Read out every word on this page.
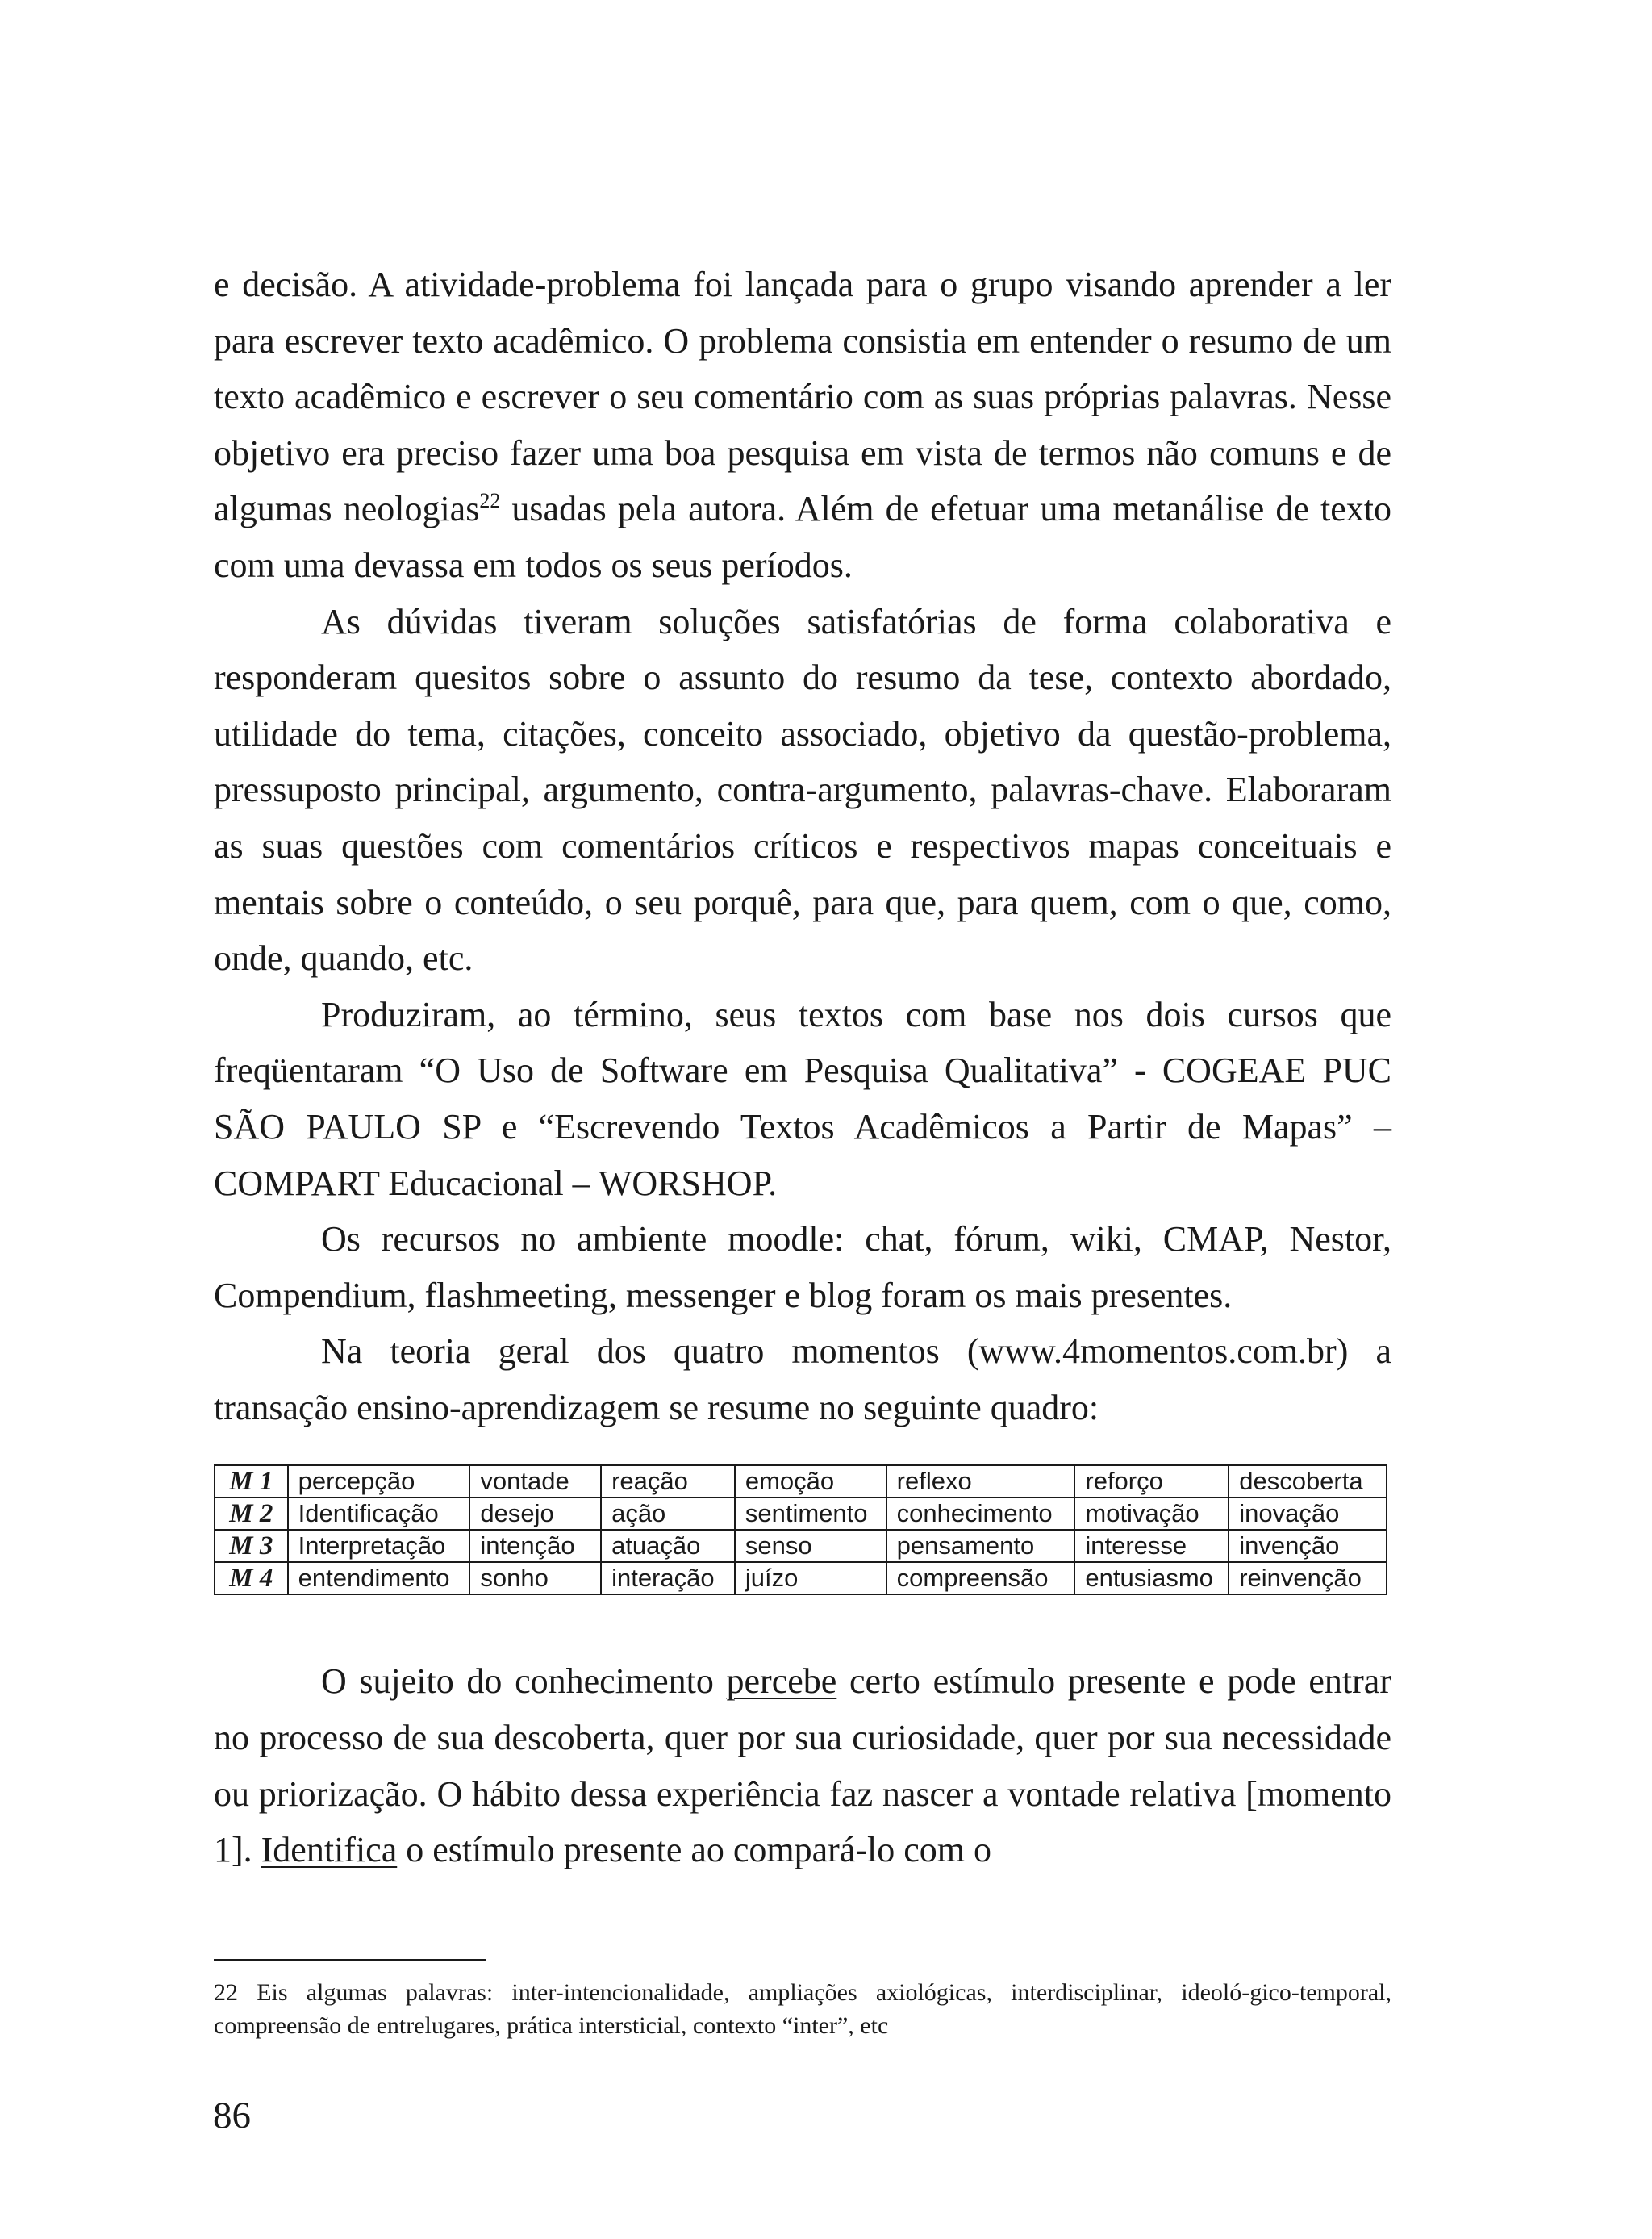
e decisão. A atividade-problema foi lançada para o grupo visando aprender a ler para escrever texto acadêmico. O problema consistia em entender o resumo de um texto acadêmico e escrever o seu comentário com as suas próprias palavras. Nesse objetivo era preciso fazer uma boa pesquisa em vista de termos não comuns e de algumas neologias$^{22}$ usadas pela autora. Além de efetuar uma metanálise de texto com uma devassa em todos os seus períodos.

As dúvidas tiveram soluções satisfatórias de forma colaborativa e responderam quesitos sobre o assunto do resumo da tese, contexto abordado, utilidade do tema, citações, conceito associado, objetivo da questão-problema, pressuposto principal, argumento, contra-argumento, palavras-chave. Elaboraram as suas questões com comentários críticos e respectivos mapas conceituais e mentais sobre o conteúdo, o seu porquê, para que, para quem, com o que, como, onde, quando, etc.

Produziram, ao término, seus textos com base nos dois cursos que freqüentaram “O Uso de Software em Pesquisa Qualitativa” - COGEAE PUC SÃO PAULO SP e “Escrevendo Textos Acadêmicos a Partir de Mapas” – COMPART Educacional – WORSHOP.

Os recursos no ambiente moodle: chat, fórum, wiki, CMAP, Nestor, Compendium, flashmeeting, messenger e blog foram os mais presentes.

Na teoria geral dos quatro momentos (www.4momentos.com.br) a transação ensino-aprendizagem se resume no seguinte quadro:

M 1	percepção	vontade	reação	emoção	reflexo	reforço	descoberta
M 2	Identificação	desejo	ação	sentimento	conhecimento	motivação	inovação
M 3	Interpretação	intenção	atuação	senso	pensamento	interesse	invenção
M 4	entendimento	sonho	interação	juízo	compreensão	entusiasmo	reinvenção

O sujeito do conhecimento percebe certo estímulo presente e pode entrar no processo de sua descoberta, quer por sua curiosidade, quer por sua necessidade ou priorização. O hábito dessa experiência faz nascer a vontade relativa [momento 1]. Identifica o estímulo presente ao compará-lo com o

22 Eis algumas palavras: inter-intencionalidade, ampliações axiológicas, interdisciplinar, ideoló-gico-temporal, compreensão de entrelugares, prática intersticial, contexto “inter”, etc

86
